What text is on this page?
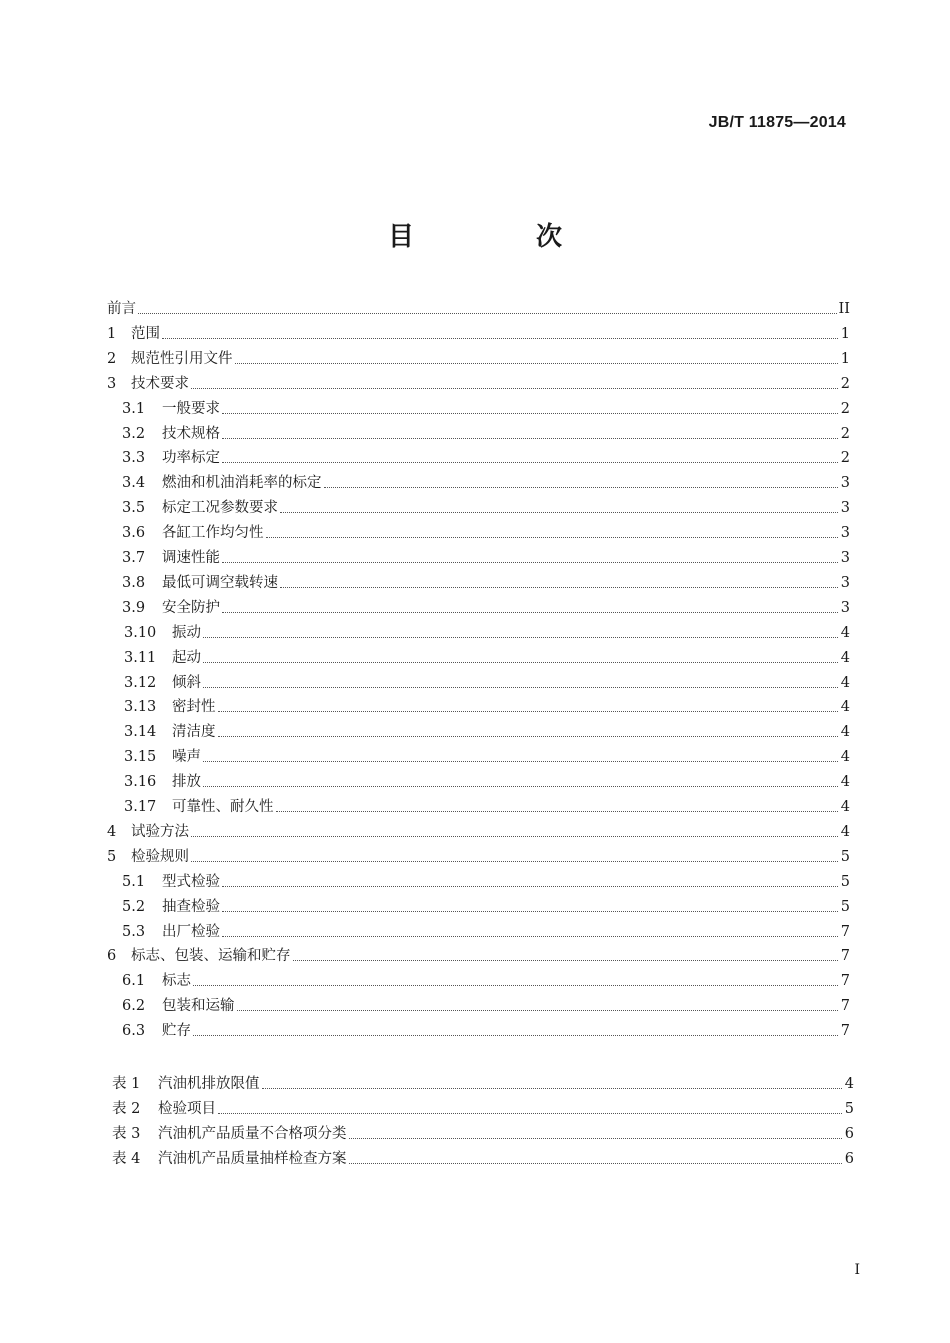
JB/T 11875—2014
目　次
前言	II
1	范围	1
2	规范性引用文件	1
3	技术要求	2
3.1	一般要求	2
3.2	技术规格	2
3.3	功率标定	2
3.4	燃油和机油消耗率的标定	3
3.5	标定工况参数要求	3
3.6	各缸工作均匀性	3
3.7	调速性能	3
3.8	最低可调空载转速	3
3.9	安全防护	3
3.10	振动	4
3.11	起动	4
3.12	倾斜	4
3.13	密封性	4
3.14	清洁度	4
3.15	噪声	4
3.16	排放	4
3.17	可靠性、耐久性	4
4	试验方法	4
5	检验规则	5
5.1	型式检验	5
5.2	抽查检验	5
5.3	出厂检验	7
6	标志、包装、运输和贮存	7
6.1	标志	7
6.2	包装和运输	7
6.3	贮存	7
表 1	汽油机排放限值	4
表 2	检验项目	5
表 3	汽油机产品质量不合格项分类	6
表 4	汽油机产品质量抽样检查方案	6
I
